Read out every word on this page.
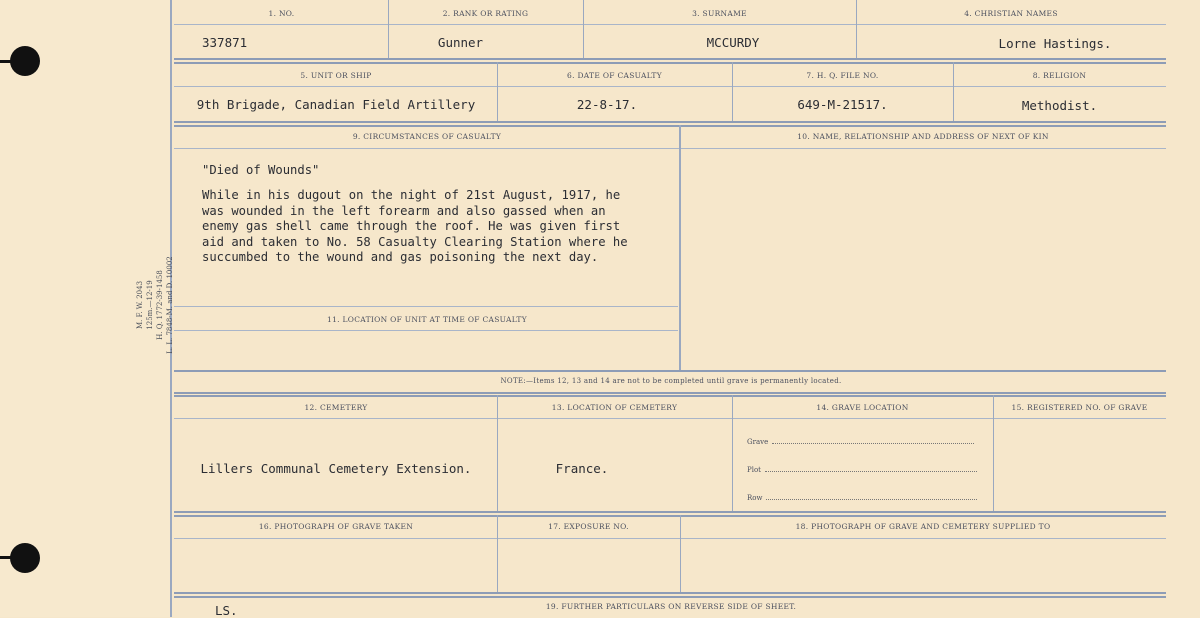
M. F. W. 2043 125m.—12-19 H. Q. 1772-39-1458 L. L. 7848-M. and D. 10002
1. NO.	2. RANK OR RATING	3. SURNAME	4. CHRISTIAN NAMES
337871	Gunner	MCCURDY	Lorne Hastings.
5. UNIT OR SHIP	6. DATE OF CASUALTY	7. H. Q. FILE NO.	8. RELIGION
9th Brigade, Canadian Field Artillery	22-8-17.	649-M-21517.	Methodist.
9. CIRCUMSTANCES OF CASUALTY	10. NAME, RELATIONSHIP AND ADDRESS OF NEXT OF KIN
"Died of Wounds"
While in his dugout on the night of 21st August, 1917, he
was wounded in the left forearm and also gassed when an
enemy gas shell came through the roof. He was given first
aid and taken to No. 58 Casualty Clearing Station where he
succumbed to the wound and gas poisoning the next day.
11. LOCATION OF UNIT AT TIME OF CASUALTY
NOTE:—Items 12, 13 and 14 are not to be completed until grave is permanently located.
12. CEMETERY	13. LOCATION OF CEMETERY	14. GRAVE LOCATION	15. REGISTERED NO. OF GRAVE
Lillers Communal Cemetery Extension.	France.
Grave
Plot
Row
16. PHOTOGRAPH OF GRAVE TAKEN	17. EXPOSURE NO.	18. PHOTOGRAPH OF GRAVE AND CEMETERY SUPPLIED TO
LS.	19. FURTHER PARTICULARS ON REVERSE SIDE OF SHEET.
